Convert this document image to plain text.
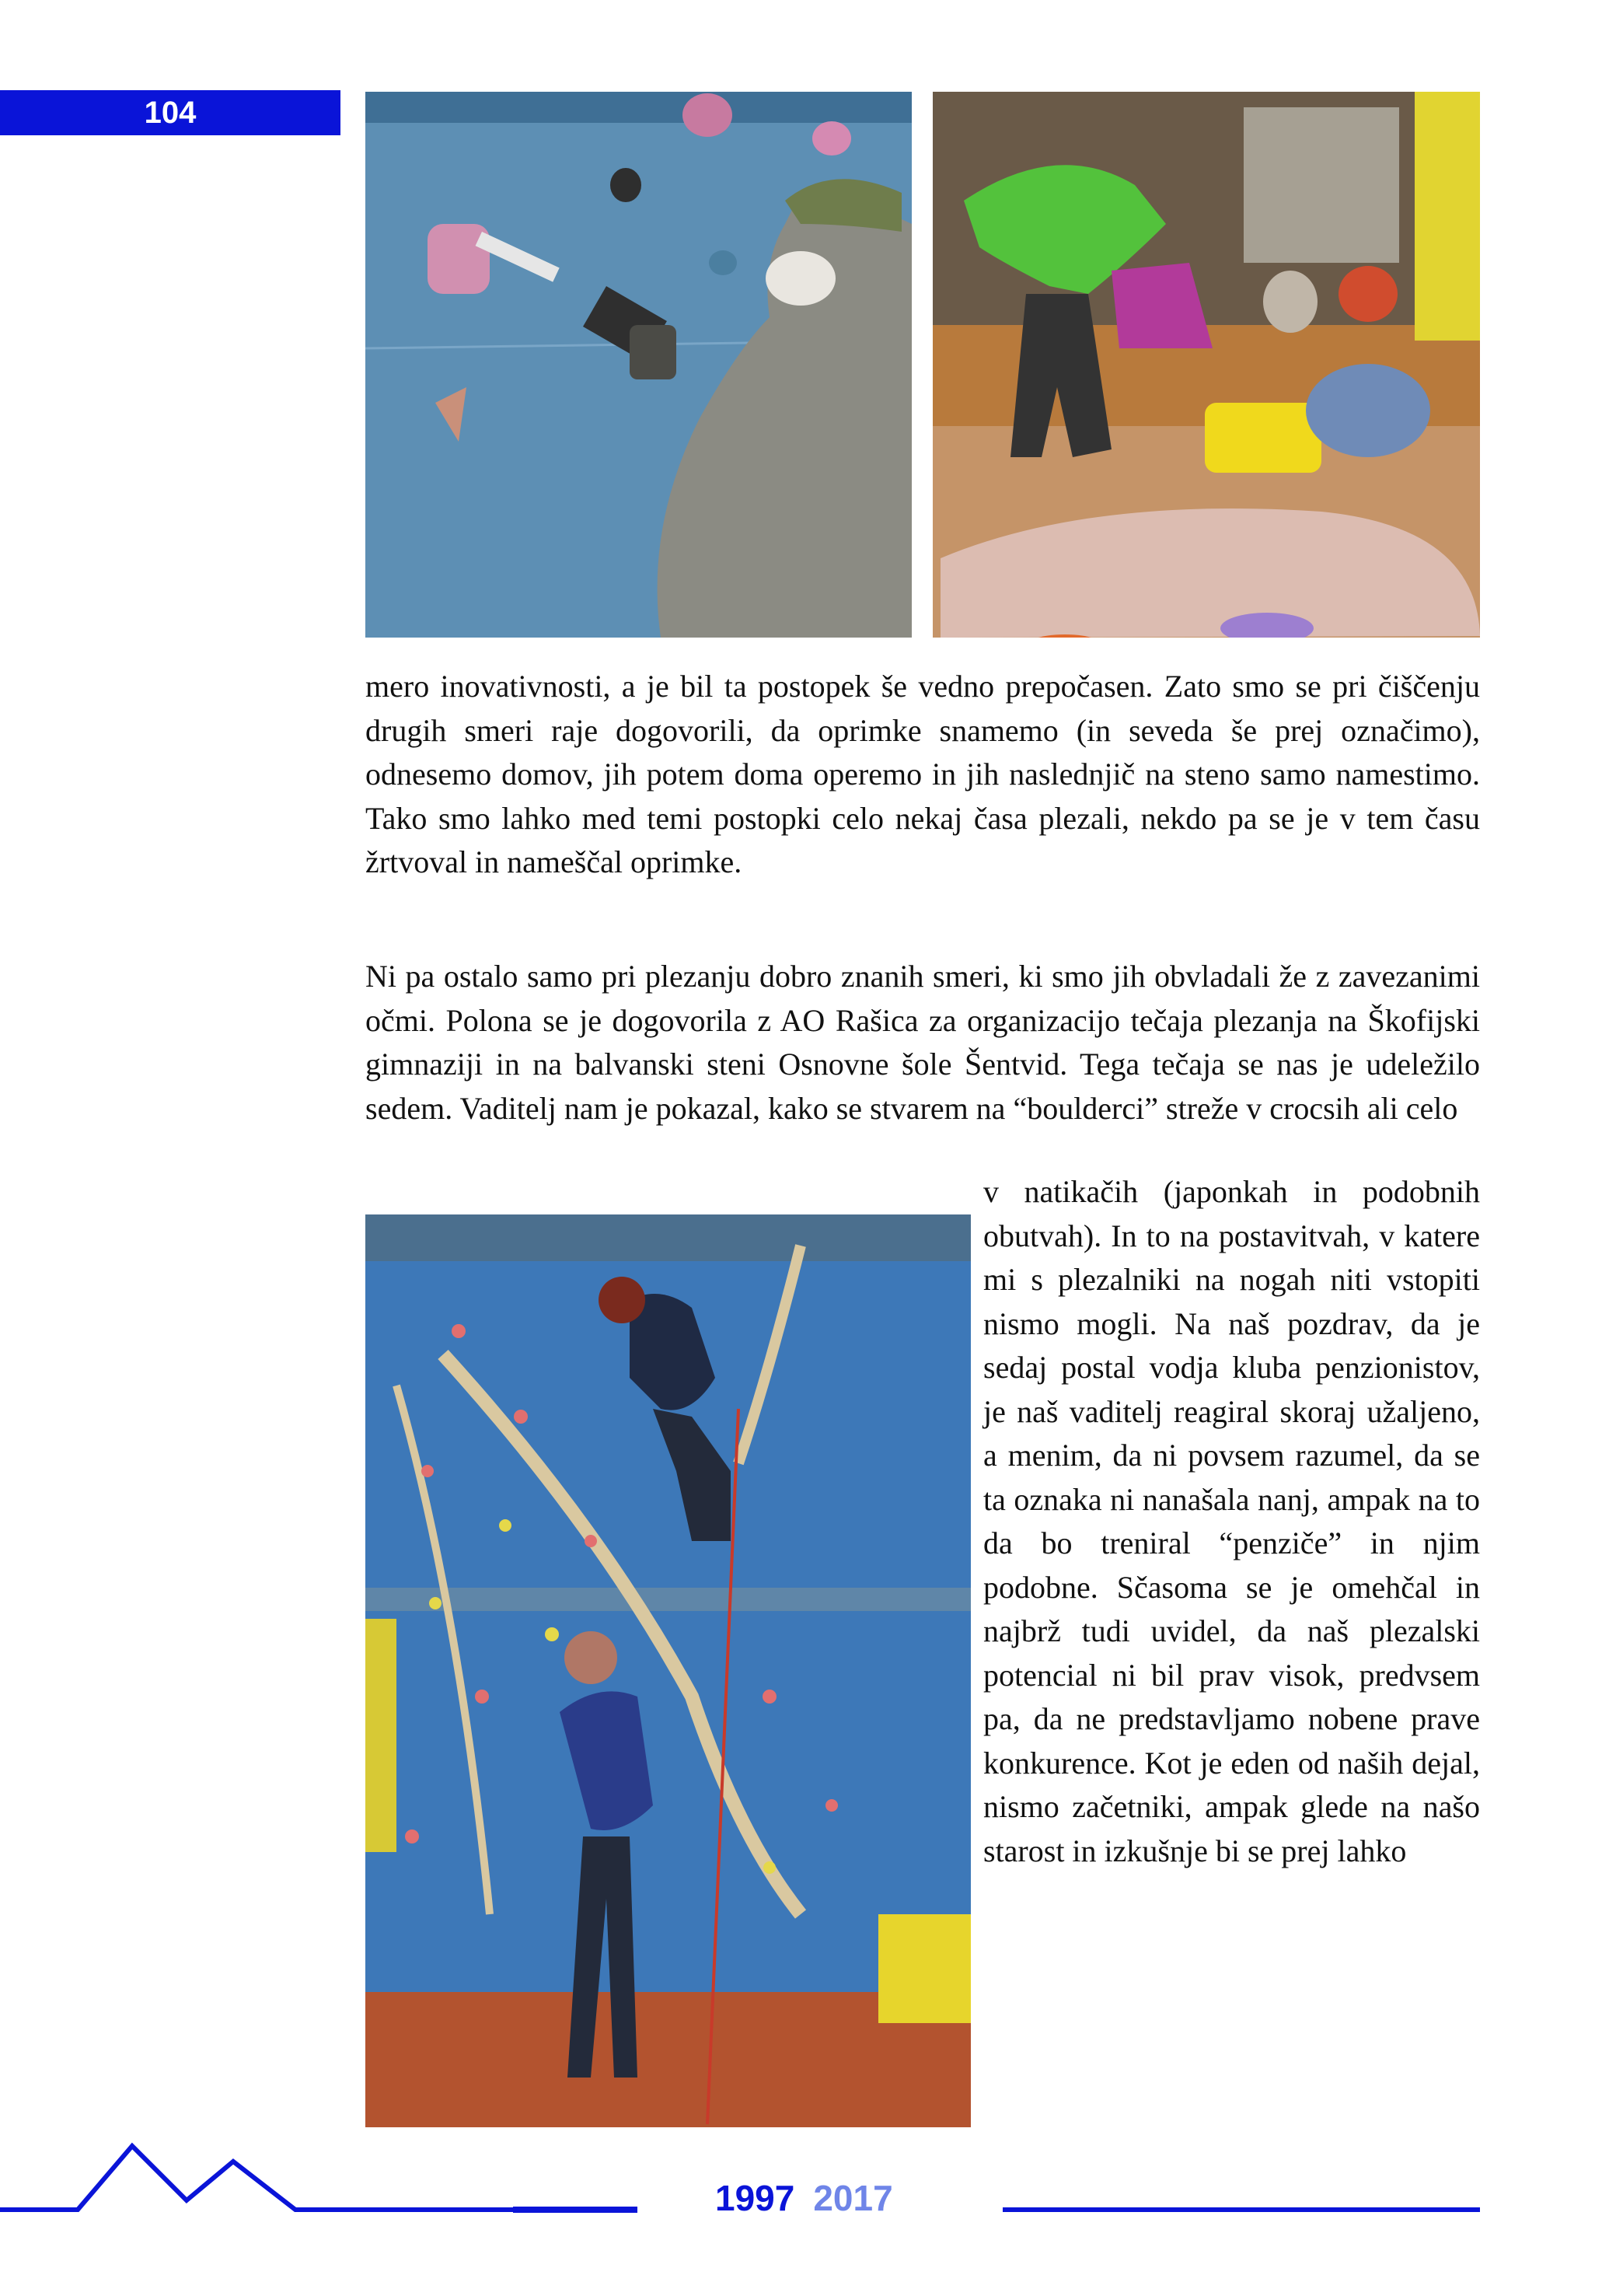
104

mero inovativnosti, a je bil ta postopek še vedno prepočasen. Zato smo se pri čiščenju drugih smeri raje dogovorili, da oprimke snamemo (in seveda še prej označimo), odnesemo domov, jih potem doma operemo in jih naslednjič na steno samo namestimo. Tako smo lahko med temi postopki celo nekaj časa plezali, nekdo pa se je v tem času žrtvoval in nameščal oprimke.

Ni pa ostalo samo pri plezanju dobro znanih smeri, ki smo jih obvladali že z zavezanimi očmi. Polona se je dogovorila z AO Rašica za organizacijo tečaja plezanja na Škofijski gimnaziji in na balvanski steni Osnovne šole Šentvid. Tega tečaja se nas je udeležilo sedem. Vaditelj nam je pokazal, kako se stvarem na “boulderci” streže v crocsih ali celo

v natikačih (japonkah in podobnih obutvah). In to na postavitvah, v katere mi s plezalniki na nogah niti vstopiti nismo mogli. Na naš pozdrav, da je sedaj postal vodja kluba penzionistov, je naš vaditelj reagiral skoraj užaljeno, a menim, da ni povsem razumel, da se ta oznaka ni nanašala nanj, ampak na to da bo treniral “penziče” in njim podobne. Sčasoma se je omehčal in najbrž tudi uvidel, da naš plezalski potencial ni bil prav visok, predvsem pa, da ne predstavljamo nobene prave konkurence. Kot je eden od naših dejal, nismo začetniki, ampak glede na našo starost in izkušnje bi se prej lahko

1997 2017
